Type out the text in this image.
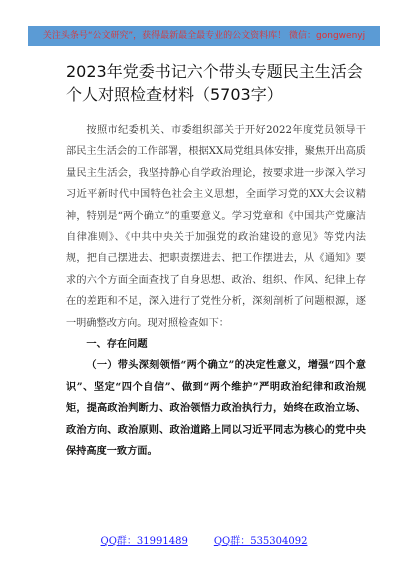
关注头条号“公文研究”，获得最新最全最专业的公文资料库！ 微信：gongwenyj
2023年党委书记六个带头专题民主生活会个人对照检查材料（5703字）

按照市纪委机关、市委组织部关于开好2022年度党员领导干部民主生活会的工作部署，根据XX局党组具体安排，聚焦开出高质量民主生活会，我坚持静心自学政治理论，按要求进一步深入学习习近平新时代中国特色社会主义思想，全面学习党的XX大会议精神，特别是“两个确立”的重要意义。学习党章和《中国共产党廉洁自律准则》、《中共中央关于加强党的政治建设的意见》等党内法规，把自己摆进去、把职责摆进去、把工作摆进去，从《通知》要求的六个方面全面查找了自身思想、政治、组织、作风、纪律上存在的差距和不足，深入进行了党性分析，深刻剖析了问题根源，逐一明确整改方向。现对照检查如下：

一、存在问题

（一）带头深刻领悟“两个确立”的决定性意义，增强“四个意识”、坚定“四个自信”、做到“两个维护”严明政治纪律和政治规矩，提高政治判断力、政治领悟力政治执行力，始终在政治立场、政治方向、政治原则、政治道路上同以习近平同志为核心的党中央保持高度一致方面。

QQ群：31991489	QQ群：535304092
